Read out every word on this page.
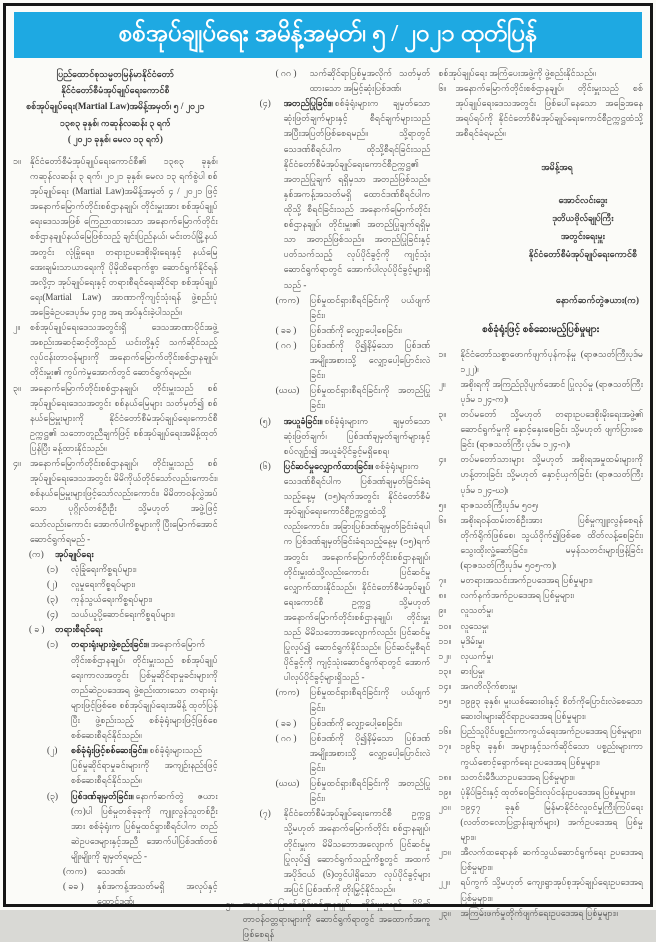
စစ်အုပ်ချုပ်ရေး အမိန့်အမှတ်၊ ၅ / ၂၀၂၁ ထုတ်ပြန်
ပြည်ထောင်စုသမ္မတမြန်မာနိုင်ငံတော်
နိုင်ငံတော်စီမံအုပ်ချုပ်ရေးကောင်စီ
စစ်အုပ်ချုပ်ရေး(Martial Law)အမိန့်အမှတ်၊ ၅ / ၂၀၂၁
၁၃၈၃ ခုနှစ်၊ ကဆုန်လဆန်း ၃ ရက်
( ၂၀၂၁ ခုနှစ်၊ မေလ ၁၃ ရက်)
၁။	နိုင်ငံတော်စီမံအုပ်ချုပ်ရေးကောင်စီ၏ ၁၃၈၃ ခုနှစ်၊ ကဆုန်လဆန်း ၃ ရက်၊ ၂၀၂၁ ခုနှစ်၊ မေလ ၁၃ ရက်စွဲပါ စစ်အုပ်ချုပ်ရေး (Martial Law)အမိန့်အမှတ် ၄ / ၂၀၂၁ ဖြင့် အနောက်မြောက်တိုင်းစစ်ဌာနချုပ်၊ တိုင်းမှူးအား စစ်အုပ်ချုပ်ရေးဒေသအဖြစ် ကြေညာထားသော အနောက်မြောက်တိုင်း စစ်ဌာနချုပ်နယ်မြေဖြစ်သည့် ချင်းပြည်နယ်၊ မင်းတပ်မြို့နယ်အတွင်း လုံခြုံရေး၊ တရားဥပဒေစိုးမိုးရေးနှင့် နယ်မြေအေးချမ်းသာယာရေးကို ပိုမိုထိရောက်စွာ ဆောင်ရွက်နိုင်ရန်အလို့ငှာ အုပ်ချုပ်ရေးနှင့် တရားစီရင်ရေးဆိုင်ရာ စစ်အုပ်ချုပ်ရေး(Martial Law) အာဏာကိုကျင့်သုံးရန် ဖွဲ့စည်းပုံအခြေခံဥပဒေပုဒ်မ ၄၁၉ အရ အပ်နှင်းခဲ့ပါသည်။
၂။	စစ်အုပ်ချုပ်ရေးဒေသအတွင်းရှိ ဒေသအာဏာပိုင်အဖွဲ့အစည်းအဆင့်ဆင့်တို့သည် ယင်းတို့နှင့် သက်ဆိုင်သည့် လုပ်ငန်းတာဝန်များကို အနောက်မြောက်တိုင်းစစ်ဌာနချုပ်၊ တိုင်းမှူး၏ ကွပ်ကဲမှုအောက်တွင် ဆောင်ရွက်ရမည်။
၃။	အနောက်မြောက်တိုင်းစစ်ဌာနချုပ်၊ တိုင်းမှူးသည် စစ်အုပ်ချုပ်ရေးဒေသအတွင်း စစ်နယ်မြေများ သတ်မှတ်၍ စစ်နယ်မြေမှူးများကို နိုင်ငံတော်စီမံအုပ်ချုပ်ရေးကောင်စီဥက္ကဋ္ဌ၏ သဘောတူညီချက်ဖြင့် စစ်အုပ်ချုပ်ရေးအမိန့်ထုတ်ပြန်ပြီး ခန့်ထားနိုင်သည်။
၄။	အနောက်မြောက်တိုင်းစစ်ဌာနချုပ်၊ တိုင်းမှူးသည် စစ်အုပ်ချုပ်ရေးဒေသအတွင်း မိမိကိုယ်တိုင်သော်လည်းကောင်း၊ စစ်နယ်မြေမှူးများဖြင့်သော်လည်းကောင်း၊ မိမိတာဝန်လွှဲအပ်သော ပုဂ္ဂိုလ်တစ်ဦးဦး သို့မဟုတ် အဖွဲ့ဖြင့်သော်လည်းကောင်း အောက်ပါကိစ္စများကို ပြီးမြောက်အောင် ဆောင်ရွက်ရမည် -
(က)	အုပ်ချုပ်ရေး
(၁)	လုံခြုံရေးကိစ္စရပ်များ၊
(၂)	လူမှုရေးကိစ္စရပ်များ၊
(၃)	ကုန်သွယ်ရေးကိစ္စရပ်များ၊
(၄)	သယ်ယူပို့ဆောင်ရေးကိစ္စရပ်များ၊
( ခ )	တရားစီရင်ရေး
(၁)	တရားရုံးများဖွဲ့စည်းခြင်း။ အနောက်မြောက်တိုင်းစစ်ဌာနချုပ်၊ တိုင်းမှူးသည် စစ်အုပ်ချုပ်ရေးကာလအတွင်း ပြစ်မှုဆိုင်ရာမှုခင်းများကို တည်ဆဲဥပဒေအရ ဖွဲ့စည်းထားသော တရားရုံးများဖြင့်ဖြစ်စေ စစ်အုပ်ချုပ်ရေးအမိန့် ထုတ်ပြန်ပြီး ဖွဲ့စည်းသည့် စစ်ခုံရုံးများဖြင့်ဖြစ်စေ စစ်ဆေးစီရင်နိုင်သည်။
(၂)	စစ်ခုံရုံးဖြင့်စစ်ဆေးခြင်း။ စစ်ခုံရုံးများသည် ပြစ်မှုဆိုင်ရာမှုခင်းများကို အကျဉ်းနည်းဖြင့် စစ်ဆေးစီရင်နိုင်သည်။
(၃)	ပြစ်ဒဏ်ချမှတ်ခြင်း။ နောက်ဆက်တွဲ ဇယား (က)ပါ ပြစ်မှုတစ်ခုခုကို ကျူးလွန်သူတစ်ဦးအား စစ်ခုံရုံးက ပြစ်မှုထင်ရှားစီရင်ပါက တည်ဆဲဥပဒေများနှင့်အညီ အောက်ပါပြစ်ဒဏ်တစ်မျိုးမျိုးကို ချမှတ်ရမည် -
(ကက)	သေဒဏ်၊
( ခခ )	နှစ်အကန့်အသတ်မရှိ အလုပ်နှင့် ထောင်ဒဏ်၊
( ဂဂ )	သက်ဆိုင်ရာပြစ်မှုအလိုက် သတ်မှတ်ထားသော အမြင့်ဆုံးပြစ်ဒဏ်၊
(၄)	အတည်ပြုခြင်း။ စစ်ခုံရုံးများက ချမှတ်သော ဆုံးဖြတ်ချက်များနှင့် စီရင်ချက်များသည် အပြီးအပြတ်ဖြစ်စေရမည်။ သို့ရာတွင် သေဒဏ်စီရင်ပါက ထိုသို့စီရင်ခြင်းသည် နိုင်ငံတော်စီမံအုပ်ချုပ်ရေးကောင်စီဥက္ကဋ္ဌ၏ အတည်ပြုချက် ရရှိမှသာ အတည်ဖြစ်သည်။ နှစ်အကန့်အသတ်မရှိ ထောင်ဒဏ်စီရင်ပါက ထိုသို့ စီရင်ခြင်းသည် အနောက်မြောက်တိုင်းစစ်ဌာနချုပ်၊ တိုင်းမှူး၏ အတည်ပြုချက်ရရှိမှသာ အတည်ဖြစ်သည်။ အတည်ပြုခြင်းနှင့်ပတ်သက်သည့် လုပ်ပိုင်ခွင့်ကို ကျင့်သုံးဆောင်ရွက်ရာတွင် အောက်ပါလုပ်ပိုင်ခွင့်များရှိသည် -
(ကက)	ပြစ်မှုထင်ရှားစီရင်ခြင်းကို ပယ်ဖျက်ခြင်း၊
( ခခ )	ပြစ်ဒဏ်ကို လျှော့ပေါ့စေခြင်း၊
( ဂဂ )	ပြစ်ဒဏ်ကို ပို၍နိမ့်သော ပြစ်ဒဏ်အမျိုးအစားသို့ လျှော့ပေါ့ပြောင်းလဲခြင်း၊
(ဃဃ)	ပြစ်မှုထင်ရှားစီရင်ခြင်းကို အတည်ပြုခြင်း၊
(၅)	အယူခံခြင်း။ စစ်ခုံရုံးများက ချမှတ်သော ဆုံးဖြတ်ချက်၊ ပြစ်ဒဏ်ချမှတ်ချက်များနှင့် စပ်လျဉ်း၍ အယူခံပိုင်ခွင့်မရှိစေရ၊
(၆)	ပြင်ဆင်မှုလျှောက်ထားခြင်း။ စစ်ခုံရုံးများက သေဒဏ်စီရင်ပါက ပြစ်ဒဏ်ချမှတ်ခြင်းခံရသည့်နေ့မှ (၁၅)ရက်အတွင်း နိုင်ငံတော်စီမံအုပ်ချုပ်ရေးကောင်စီဥက္ကဋ္ဌထံသို့လည်းကောင်း၊ အခြားပြစ်ဒဏ်ချမှတ်ခြင်းခံရပါက ပြစ်ဒဏ်ချမှတ်ခြင်းခံရသည့်နေ့မှ (၁၅)ရက်အတွင်း အနောက်မြောက်တိုင်းစစ်ဌာနချုပ်၊ တိုင်းမှူးထံသို့လည်းကောင်း ပြင်ဆင်မှုလျှောက်ထားနိုင်သည်။ နိုင်ငံတော်စီမံအုပ်ချုပ်ရေးကောင်စီ ဥက္ကဋ္ဌ သို့မဟုတ် အနောက်မြောက်တိုင်းစစ်ဌာနချုပ်၊ တိုင်းမှူးသည် မိမိသဘောအလျောက်လည်း ပြင်ဆင်မှုပြုလုပ်၍ ဆောင်ရွက်နိုင်သည်။ ပြင်ဆင်မှုစီရင်ပိုင်ခွင့်ကို ကျင့်သုံးဆောင်ရွက်ရာတွင် အောက်ပါလုပ်ပိုင်ခွင့်များရှိသည် -
(ကက)	ပြစ်မှုထင်ရှားစီရင်ခြင်းကို ပယ်ဖျက်ခြင်း၊
( ခခ )	ပြစ်ဒဏ်ကို လျှော့ပေါ့စေခြင်း၊
( ဂဂ )	ပြစ်ဒဏ်ကို ပို၍နိမ့်သော ပြစ်ဒဏ်အမျိုးအစားသို့ လျှော့ပေါ့ပြောင်းလဲခြင်း၊
(ဃဃ)	ပြစ်မှုထင်ရှားစီရင်ခြင်းကို အတည်ပြုခြင်း၊
(၇)	နိုင်ငံတော်စီမံအုပ်ချုပ်ရေးကောင်စီ ဥက္ကဋ္ဌ သို့မဟုတ် အနောက်မြောက်တိုင်း စစ်ဌာနချုပ်၊ တိုင်းမှူးက မိမိသဘောအလျောက် ပြင်ဆင်မှုပြုလုပ်၍ ဆောင်ရွက်သည့်ကိစ္စတွင် အထက်အပိုဒ်ငယ် (၆)တွင်ပါရှိသော လုပ်ပိုင်ခွင့်များအပြင် ပြစ်ဒဏ်ကို တိုးမြှင့်နိုင်သည်။
၅။	အနောက်မြောက်တိုင်းစစ်ဌာနချုပ်၊ တိုင်းမှူးသည် မိမိ၏ တာဝန်ဝတ္တရားများကို ဆောင်ရွက်ရာတွင် အထောက်အကူဖြစ်စေရန်
စစ်အုပ်ချုပ်ရေး အကြံပေးအဖွဲ့ကို ဖွဲ့စည်းနိုင်သည်။
၆။	အနောက်မြောက်တိုင်းစစ်ဌာနချုပ်၊ တိုင်းမှူးသည် စစ်အုပ်ချုပ်ရေးဒေသအတွင်း ဖြစ်ပေါ်နေသော အခြေအနေအရပ်ရပ်ကို နိုင်ငံတော်စီမံအုပ်ချုပ်ရေးကောင်စီဥက္ကဋ္ဌထံသို့ အစီရင်ခံရမည်။
အမိန့်အရ
အောင်လင်းဒွေး
ဒုတိယဗိုလ်ချုပ်ကြီး
အတွင်းရေးမှူး
နိုင်ငံတော်စီမံအုပ်ချုပ်ရေးကောင်စီ
နောက်ဆက်တွဲဇယား(က)
စစ်ခုံရုံးဖြင့် စစ်ဆေးမည့်ပြစ်မှုများ
၁။	နိုင်ငံတော်သစ္စာဖောက်ဖျက်ပုန်ကန်မှု (ရာဇသတ်ကြီးပုဒ်မ ၁၂၂)၊
၂။	အစိုးရကို အကြည်ညိုပျက်အောင် ပြုလုပ်မှု (ရာဇသတ်ကြီး ပုဒ်မ ၁၂၄-က)၊
၃။	တပ်မတော် သို့မဟုတ် တရားဥပဒေစိုးမိုးရေးအဖွဲ့၏ ဆောင်ရွက်မှုကို နှောင့်နှေးစေခြင်း သို့မဟုတ် ဖျက်ပြားစေခြင်း (ရာဇသတ်ကြီး ပုဒ်မ ၁၂၄-ဂ)၊
၄။	တပ်မတော်သားများ သို့မဟုတ် အစိုးရအမှုထမ်းများကို ဟန့်တားခြင်း သို့မဟုတ် နှောင့်ယှက်ခြင်း (ရာဇသတ်ကြီး ပုဒ်မ ၁၂၄-ဃ)၊
၅။	ရာဇသတ်ကြီးပုဒ်မ ၅၀၅၊
၆။	အစိုးရဝန်ထမ်းတစ်ဦးအား ပြစ်မှုကျူးလွန်စေရန် တိုက်ရိုက်ဖြစ်စေ၊ သွယ်ဝိုက်၍ဖြစ်စေ ထိတ်လန့်စေခြင်း၊ သွေးထိုးလှုံ့ဆော်ခြင်း၊ မမှန်သတင်းများဖြန့်ခြင်း (ရာဇသတ်ကြီးပုဒ်မ ၅၀၅-က)၊
၇။	မတရားအသင်းအက်ဥပဒေအရ ပြစ်မှုများ၊
၈။	လက်နက်အက်ဥပဒေအရ ပြစ်မှုများ၊
၉။	လူသတ်မှု၊
၁၀။	လူသေမှု၊
၁၁။	မုဒိမ်းမှု၊
၁၂။	လုယက်မှု၊
၁၃။	ဓားပြမှု၊
၁၄။	အဂတိလိုက်စားမှု၊
၁၅။	၁၉၉၃ ခုနှစ်၊ မူးယစ်ဆေးဝါးနှင့် စိတ်ကိုပြောင်းလဲစေသော ဆေးဝါးများဆိုင်ရာဥပဒေအရ ပြစ်မှုများ၊
၁၆။	ပြည်သူပိုင်ပစ္စည်းကာကွယ်ရေးအက်ဥပဒေအရ ပြစ်မှုများ၊
၁၇။	၁၉၆၃ ခုနှစ်၊ အများနှင့်သက်ဆိုင်သော ပစ္စည်းများကာကွယ်စောင့်ရှောက်ရေး ဥပဒေအရ ပြစ်မှုများ၊
၁၈။	သတင်းမီဒီယာဥပဒေအရ ပြစ်မှုများ။
၁၉။	ပုံနှိပ်ခြင်းနှင့် ထုတ်ဝေခြင်းလုပ်ငန်းဥပဒေအရ ပြစ်မှုများ။
၂၀။	၁၉၄၇ ခုနှစ် မြန်မာနိုင်ငံလူဝင်မှုကြီးကြပ်ရေး (လတ်တလောပြဋ္ဌာန်းချက်များ) အက်ဥပဒေအရ ပြစ်မှုများ။
၂၁။	အီလက်ထရောနစ် ဆက်သွယ်ဆောင်ရွက်ရေး ဥပဒေအရ ပြစ်မှုများ။
၂၂။	ရပ်ကွက် သို့မဟုတ် ကျေးရွာအုပ်စုအုပ်ချုပ်ရေးဥပဒေအရ ပြစ်မှုများ။
၂၃။	အကြမ်းဖက်မှုတိုက်ဖျက်ရေးဥပဒေအရ ပြစ်မှုများ။
